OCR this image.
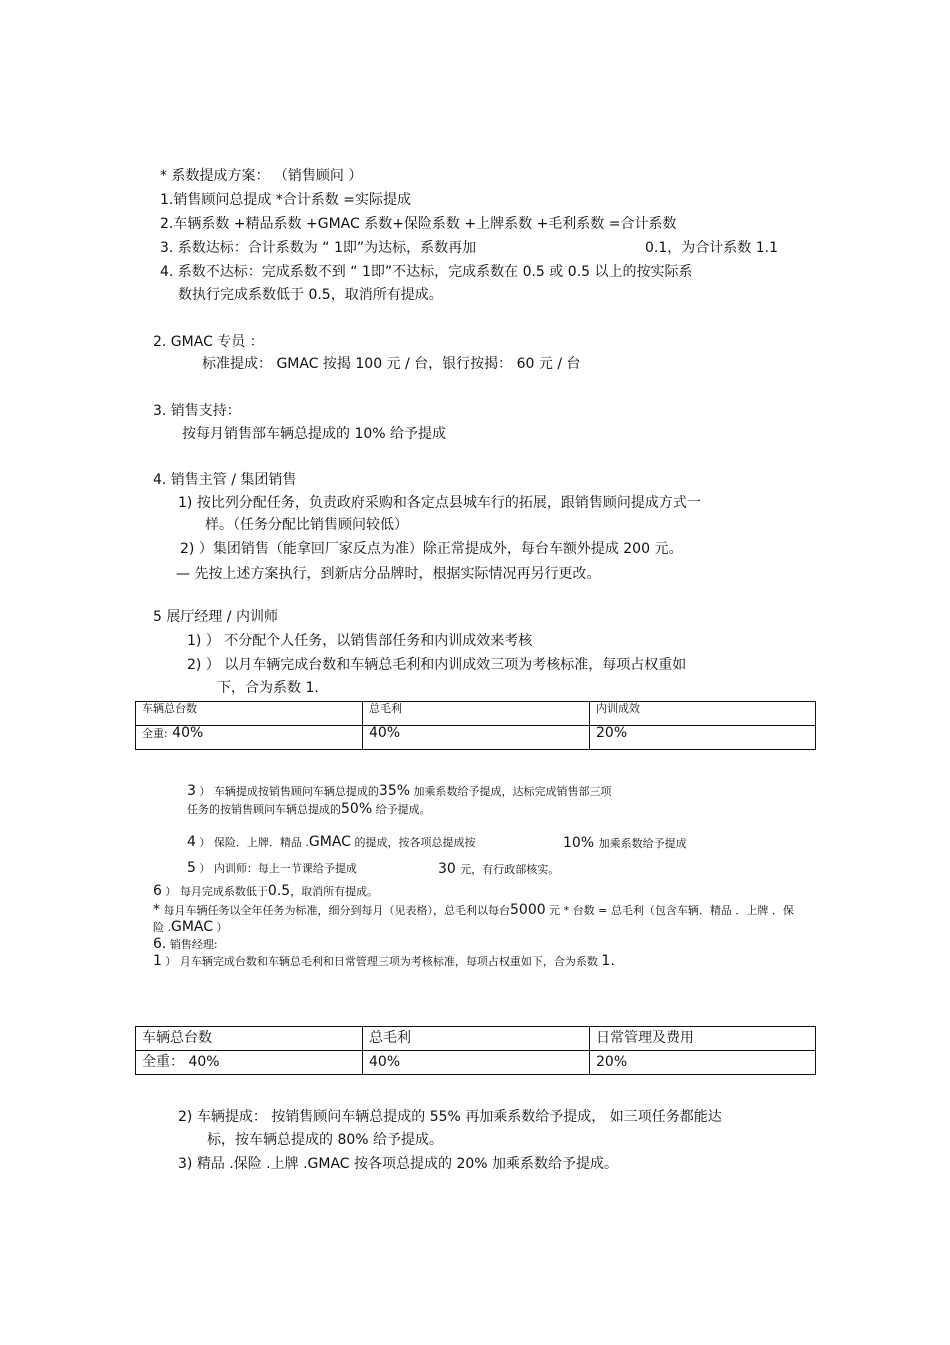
* 系数提成方案： （销售顾问 ）
1.销售顾问总提成 *合计系数 =实际提成
2.车辆系数 +精品系数 +GMAC 系数+保险系数 +上牌系数 +毛利系数 =合计系数
3. 系数达标：合计系数为 “ 1即”为达标，系数再加	0.1，为合计系数 1.1
4. 系数不达标：完成系数不到 “ 1即”不达标，完成系数在 0.5 或 0.5 以上的按实际系
数执行完成系数低于 0.5，取消所有提成。
2. GMAC 专员 ：
标准提成： GMAC 按揭 100 元 / 台，银行按揭： 60 元 / 台
3. 销售支持：
按每月销售部车辆总提成的 10% 给予提成
4. 销售主管 / 集团销售
1) 按比列分配任务，负责政府采购和各定点县城车行的拓展，跟销售顾问提成方式一
样。（任务分配比销售顾问较低）
2) ）集团销售（能拿回厂家反点为准）除正常提成外，每台车额外提成 200 元。
— 先按上述方案执行，到新店分品牌时，根据实际情况再另行更改。
5 展厅经理 / 内训师
1) ） 不分配个人任务，以销售部任务和内训成效来考核
2) ） 以月车辆完成台数和车辆总毛利和内训成效三项为考核标准，每项占权重如
下，合为系数 1.
车辆总台数	总毛利	内训成效
全重: 40%	40%	20%
3 ） 车辆提成按销售顾问车辆总提成的35% 加乘系数给予提成，达标完成销售部三项
任务的按销售顾问车辆总提成的50% 给予提成。
4 ） 保险．上牌．精品 .GMAC 的提成，按各项总提成按	10% 加乘系数给予提成
5 ） 内训师：每上一节课给予提成	30 元，有行政部核实。
6 ） 每月完成系数低于0.5，取消所有提成。
* 每月车辆任务以全年任务为标准，细分到每月（见表格），总毛利以每台5000 元 * 台数 = 总毛利（包含车辆．精品 ．上牌 ．保
险 .GMAC ）
6. 销售经理:
1 ） 月车辆完成台数和车辆总毛利和日常管理三项为考核标准，每项占权重如下，合为系数 1.
车辆总台数	总毛利	日常管理及费用
全重： 40%	40%	20%
2) 车辆提成： 按销售顾问车辆总提成的 55% 再加乘系数给予提成， 如三项任务都能达
标，按车辆总提成的 80% 给予提成。
3) 精品 .保险 .上牌 .GMAC 按各项总提成的 20% 加乘系数给予提成。
